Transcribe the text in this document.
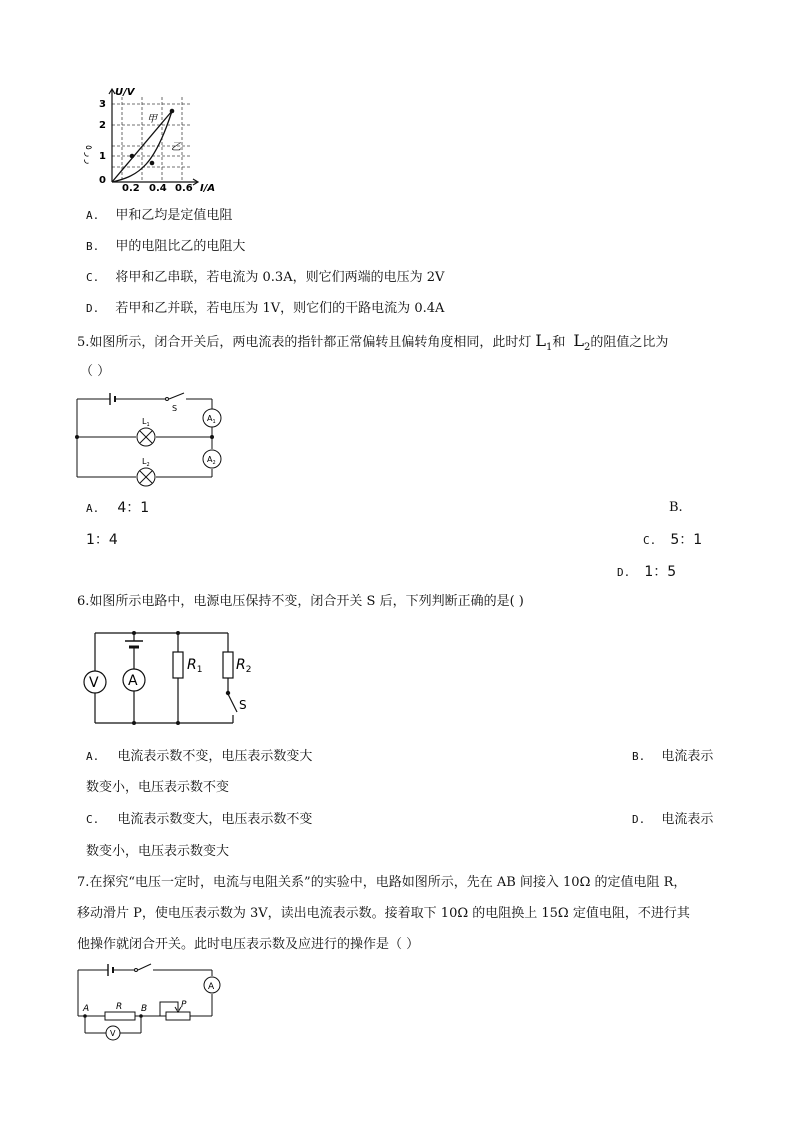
U/V
3
2
1
0
ر ر ٥
0.2 0.4 0.6 I/A
甲
乙
A. 甲和乙均是定值电阻
B. 甲的电阻比乙的电阻大
C. 将甲和乙串联，若电流为 0.3A，则它们两端的电压为 2V
D. 若甲和乙并联，若电压为 1V，则它们的干路电流为 0.4A
5.如图所示，闭合开关后，两电流表的指针都正常偏转且偏转角度相同，此时灯 $L_1$和 $L_2$的阻值之比为
（ ）
$A_1$
$A_2$
S
$L_1$
$L_2$
A. 4：1	B.
1：4	C. 5：1
D. 1：5
6.如图所示电路中，电源电压保持不变，闭合开关 S 后，下列判断正确的是( )
V A
$R_1$ $R_2$
S
A. 电流表示数不变，电压表示数变大	B. 电流表示
数变小，电压表示数不变
C. 电流表示数变大，电压表示数不变	D. 电流表示
数变小，电压表示数变大
7.在探究“电压一定时，电流与电阻关系”的实验中，电路如图所示，先在 AB 间接入 10Ω 的定值电阻 R，
移动滑片 P，使电压表示数为 3V，读出电流表示数。接着取下 10Ω 的电阻换上 15Ω 定值电阻，不进行其
他操作就闭合开关。此时电压表示数及应进行的操作是（ ）
A
V
A	R B	P
